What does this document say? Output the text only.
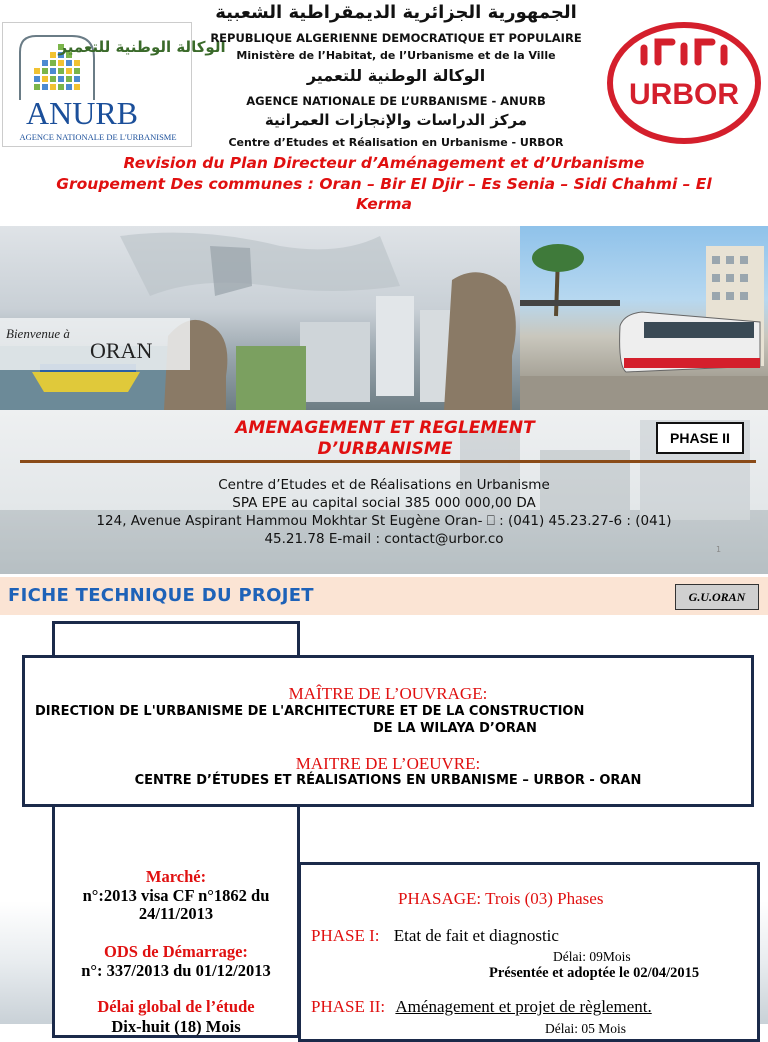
الوكالة الوطنية للتعمير
ANURB
AGENCE NATIONALE DE L'URBANISME
الجمهورية الجزائرية الديمقراطية الشعبية
REPUBLIQUE ALGERIENNE DEMOCRATIQUE ET POPULAIRE
Ministère de l’Habitat, de l’Urbanisme et de la Ville
الوكالة الوطنية للتعمير
AGENCE NATIONALE DE L’URBANISME - ANURB
مركز الدراسات والإنجازات العمرانية
Centre d’Etudes et Réalisation en Urbanisme - URBOR
URBOR
Revision du Plan Directeur d’Aménagement et d’Urbanisme
Groupement Des communes : Oran – Bir El Djir – Es Senia – Sidi Chahmi – El
Kerma
Bienvenue à
ORAN
AMENAGEMENT ET REGLEMENT
D’URBANISME
PHASE II
Centre d’Etudes et de Réalisations en Urbanisme
SPA EPE au capital social 385 000 000,00 DA
124, Avenue Aspirant Hammou Mokhtar St Eugène Oran- ⎕ : (041) 45.23.27-6 : (041)
45.21.78 E-mail : contact@urbor.co
1
FICHE TECHNIQUE DU PROJET	G.U.ORAN
Marché:
n°:2013 visa CF n°1862 du
24/11/2013
ODS de Démarrage:
n°: 337/2013 du 01/12/2013
Délai global de l’étude
Dix-huit (18) Mois
MAÎTRE DE L’OUVRAGE:
DIRECTION DE L'URBANISME DE L'ARCHITECTURE ET DE LA CONSTRUCTION
DE LA WILAYA D’ORAN
MAITRE DE L’OEUVRE:
CENTRE D’ÉTUDES ET RÉALISATIONS EN URBANISME – URBOR - ORAN
PHASAGE: Trois (03) Phases
PHASE I: Etat de fait et diagnostic
Délai: 09Mois
Présentée et adoptée le 02/04/2015
PHASE II: Aménagement et projet de règlement.
Délai: 05 Mois
